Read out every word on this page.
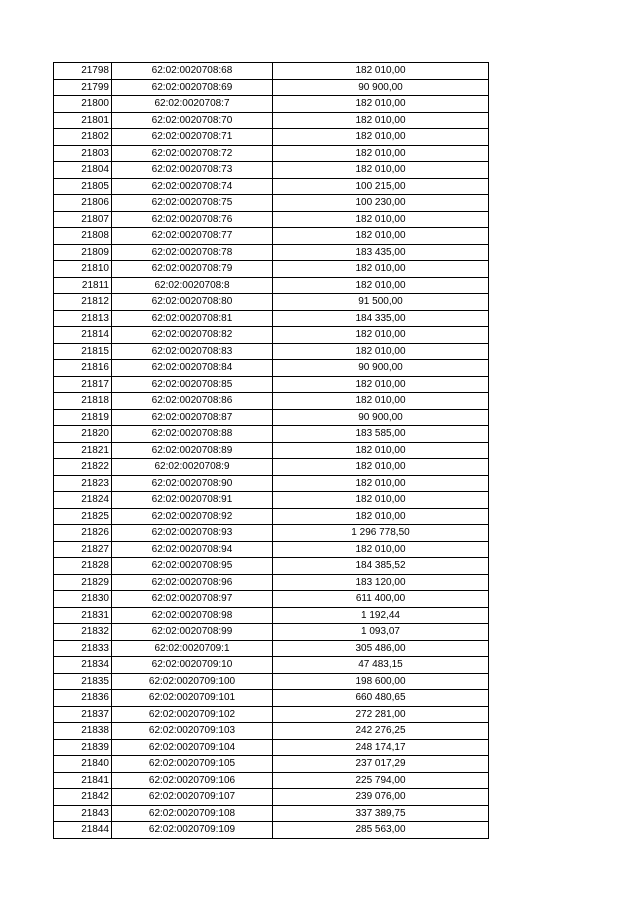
21798	62:02:0020708:68	182 010,00
21799	62:02:0020708:69	90 900,00
21800	62:02:0020708:7	182 010,00
21801	62:02:0020708:70	182 010,00
21802	62:02:0020708:71	182 010,00
21803	62:02:0020708:72	182 010,00
21804	62:02:0020708:73	182 010,00
21805	62:02:0020708:74	100 215,00
21806	62:02:0020708:75	100 230,00
21807	62:02:0020708:76	182 010,00
21808	62:02:0020708:77	182 010,00
21809	62:02:0020708:78	183 435,00
21810	62:02:0020708:79	182 010,00
21811	62:02:0020708:8	182 010,00
21812	62:02:0020708:80	91 500,00
21813	62:02:0020708:81	184 335,00
21814	62:02:0020708:82	182 010,00
21815	62:02:0020708:83	182 010,00
21816	62:02:0020708:84	90 900,00
21817	62:02:0020708:85	182 010,00
21818	62:02:0020708:86	182 010,00
21819	62:02:0020708:87	90 900,00
21820	62:02:0020708:88	183 585,00
21821	62:02:0020708:89	182 010,00
21822	62:02:0020708:9	182 010,00
21823	62:02:0020708:90	182 010,00
21824	62:02:0020708:91	182 010,00
21825	62:02:0020708:92	182 010,00
21826	62:02:0020708:93	1 296 778,50
21827	62:02:0020708:94	182 010,00
21828	62:02:0020708:95	184 385,52
21829	62:02:0020708:96	183 120,00
21830	62:02:0020708:97	611 400,00
21831	62:02:0020708:98	1 192,44
21832	62:02:0020708:99	1 093,07
21833	62:02:0020709:1	305 486,00
21834	62:02:0020709:10	47 483,15
21835	62:02:0020709:100	198 600,00
21836	62:02:0020709:101	660 480,65
21837	62:02:0020709:102	272 281,00
21838	62:02:0020709:103	242 276,25
21839	62:02:0020709:104	248 174,17
21840	62:02:0020709:105	237 017,29
21841	62:02:0020709:106	225 794,00
21842	62:02:0020709:107	239 076,00
21843	62:02:0020709:108	337 389,75
21844	62:02:0020709:109	285 563,00
